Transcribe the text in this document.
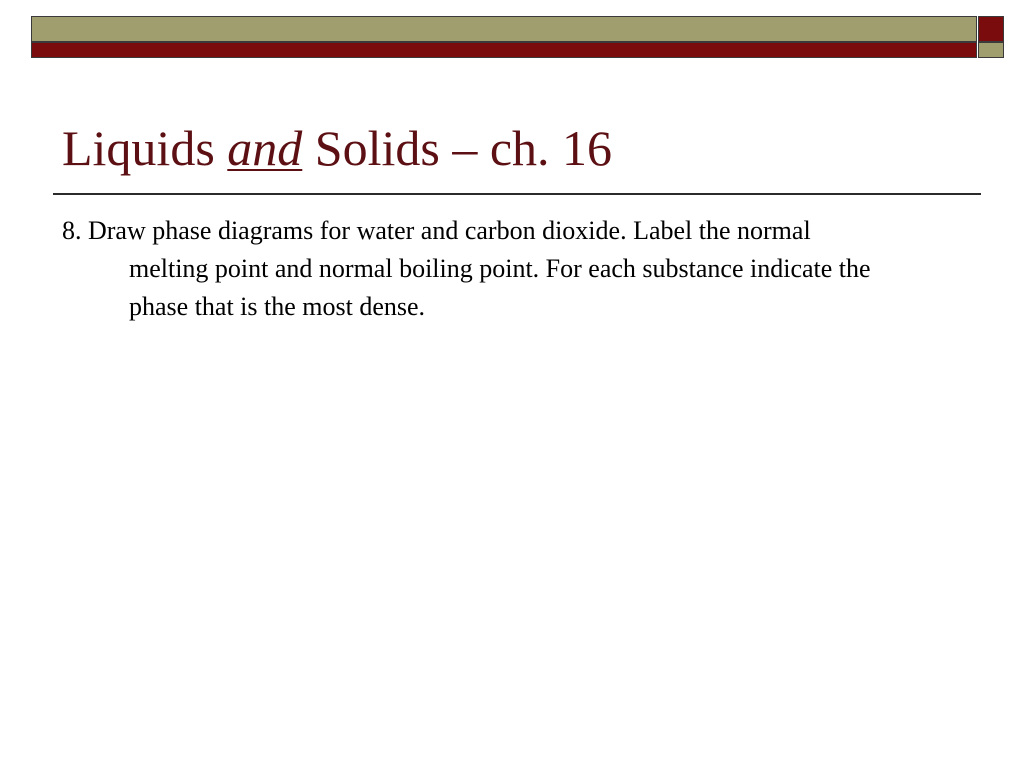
Liquids and Solids – ch. 16
8. Draw phase diagrams for water and carbon dioxide. Label the normal melting point and normal boiling point. For each substance indicate the phase that is the most dense.
